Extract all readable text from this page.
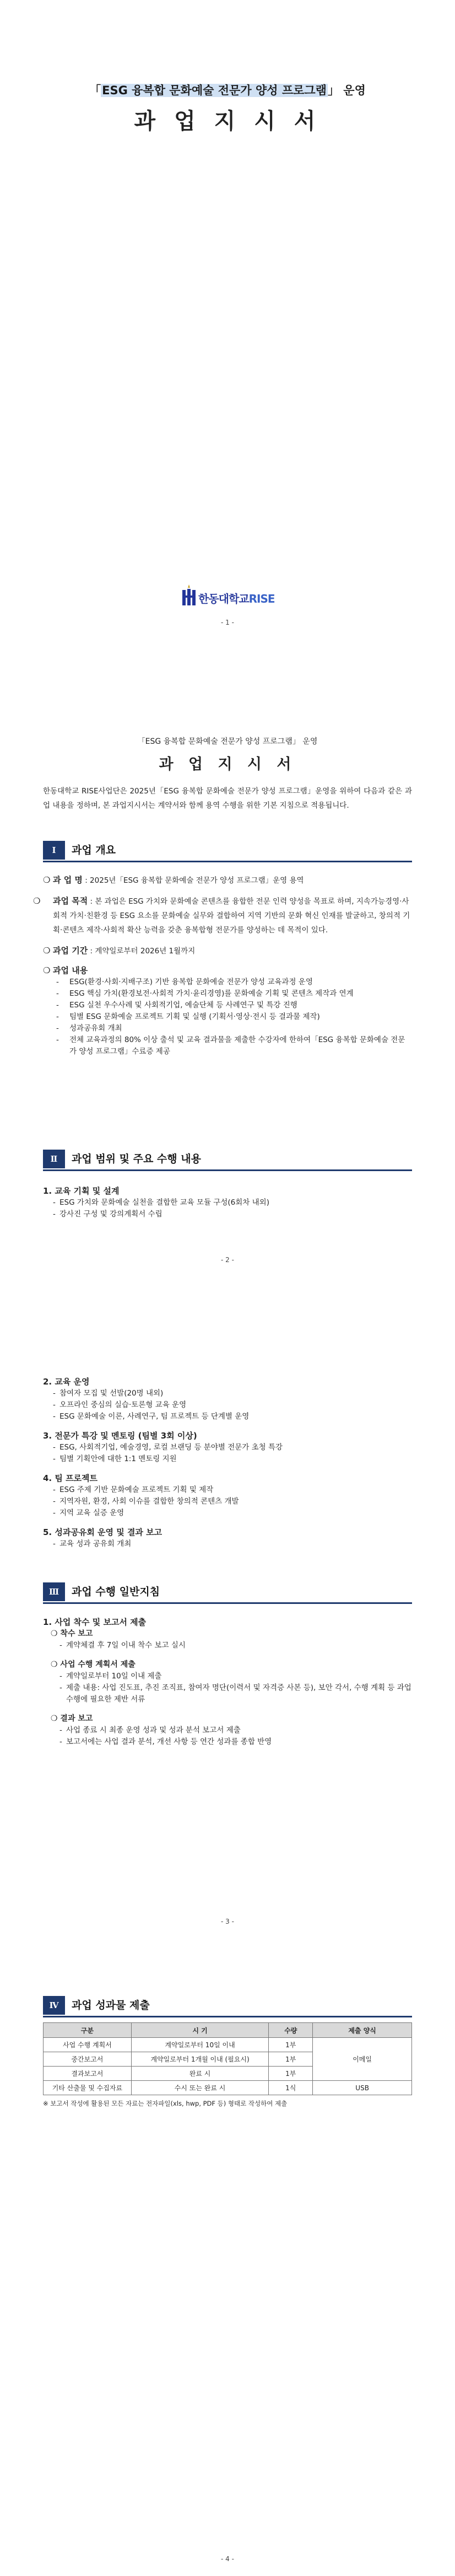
「ESG 융복합 문화예술 전문가 양성 프로그램」 운영
과 업 지 시 서
한동대학교RISE
- 1 -
「ESG 융복합 문화예술 전문가 양성 프로그램」 운영
과 업 지 시 서
한동대학교 RISE사업단은 2025년「ESG 융복합 문화예술 전문가 양성 프로그램」운영을 위하여 다음과 같은 과업 내용을 정하며, 본 과업지시서는 계약서와 함께 용역 수행을 위한 기본 지침으로 적용됩니다.
Ⅰ	과업 개요
❍ 과 업 명 : 2025년「ESG 융복합 문화예술 전문가 양성 프로그램」운영 용역
❍ 과업 목적 : 본 과업은 ESG 가치와 문화예술 콘텐츠를 융합한 전문 인력 양성을 목표로 하며, 지속가능경영·사회적 가치·친환경 등 ESG 요소를 문화예술 실무와 결합하여 지역 기반의 문화 혁신 인재를 발굴하고, 창의적 기획·콘텐츠 제작·사회적 확산 능력을 갖춘 융복합형 전문가를 양성하는 데 목적이 있다.
❍ 과업 기간 : 계약일로부터 2026년 1월까지
❍ 과업 내용
- ESG(환경·사회·지배구조) 기반 융복합 문화예술 전문가 양성 교육과정 운영
- ESG 핵심 가치(환경보전·사회적 가치·윤리경영)를 문화예술 기획 및 콘텐츠 제작과 연계
- ESG 실천 우수사례 및 사회적기업, 예술단체 등 사례연구 및 특강 진행
- 팀별 ESG 문화예술 프로젝트 기획 및 실행 (기획서·영상·전시 등 결과물 제작)
- 성과공유회 개최
- 전체 교육과정의 80% 이상 출석 및 교육 결과물을 제출한 수강자에 한하여「ESG 융복합 문화예술 전문가 양성 프로그램」수료증 제공
Ⅱ	과업 범위 및 주요 수행 내용
1. 교육 기획 및 설계
- ESG 가치와 문화예술 실천을 결합한 교육 모듈 구성(6회차 내외)
- 강사진 구성 및 강의계획서 수립
- 2 -
2. 교육 운영
- 참여자 모집 및 선발(20명 내외)
- 오프라인 중심의 실습·토론형 교육 운영
- ESG 문화예술 이론, 사례연구, 팀 프로젝트 등 단계별 운영
3. 전문가 특강 및 멘토링 (팀별 3회 이상)
- ESG, 사회적기업, 예술경영, 로컬 브랜딩 등 분야별 전문가 초청 특강
- 팀별 기획안에 대한 1:1 멘토링 지원
4. 팀 프로젝트
- ESG 주제 기반 문화예술 프로젝트 기획 및 제작
- 지역자원, 환경, 사회 이슈를 결합한 창의적 콘텐츠 개발
- 지역 교육 실증 운영
5. 성과공유회 운영 및 결과 보고
- 교육 성과 공유회 개최
Ⅲ	과업 수행 일반지침
1. 사업 착수 및 보고서 제출
❍ 착수 보고
- 계약체결 후 7일 이내 착수 보고 실시
❍ 사업 수행 계획서 제출
- 계약일로부터 10일 이내 제출
- 제출 내용: 사업 진도표, 추진 조직표, 참여자 명단(이력서 및 자격증 사본 등), 보안 각서, 수행 계획 등 과업 수행에 필요한 제반 서류
❍ 결과 보고
- 사업 종료 시 최종 운영 성과 및 성과 분석 보고서 제출
- 보고서에는 사업 결과 분석, 개선 사항 등 연간 성과를 종합 반영
- 3 -
Ⅳ	과업 성과물 제출
구분	시 기	수량	제출 양식
사업 수행 계획서	계약일로부터 10일 이내	1부	이메일
중간보고서	계약일로부터 1개월 이내 (필요시)	1부	
결과보고서	완료 시	1부	
기타 산출물 및 수집자료	수시 또는 완료 시	1식	USB
※ 보고서 작성에 활용된 모든 자료는 전자파일(xls, hwp, PDF 등) 형태로 작성하여 제출
- 4 -
